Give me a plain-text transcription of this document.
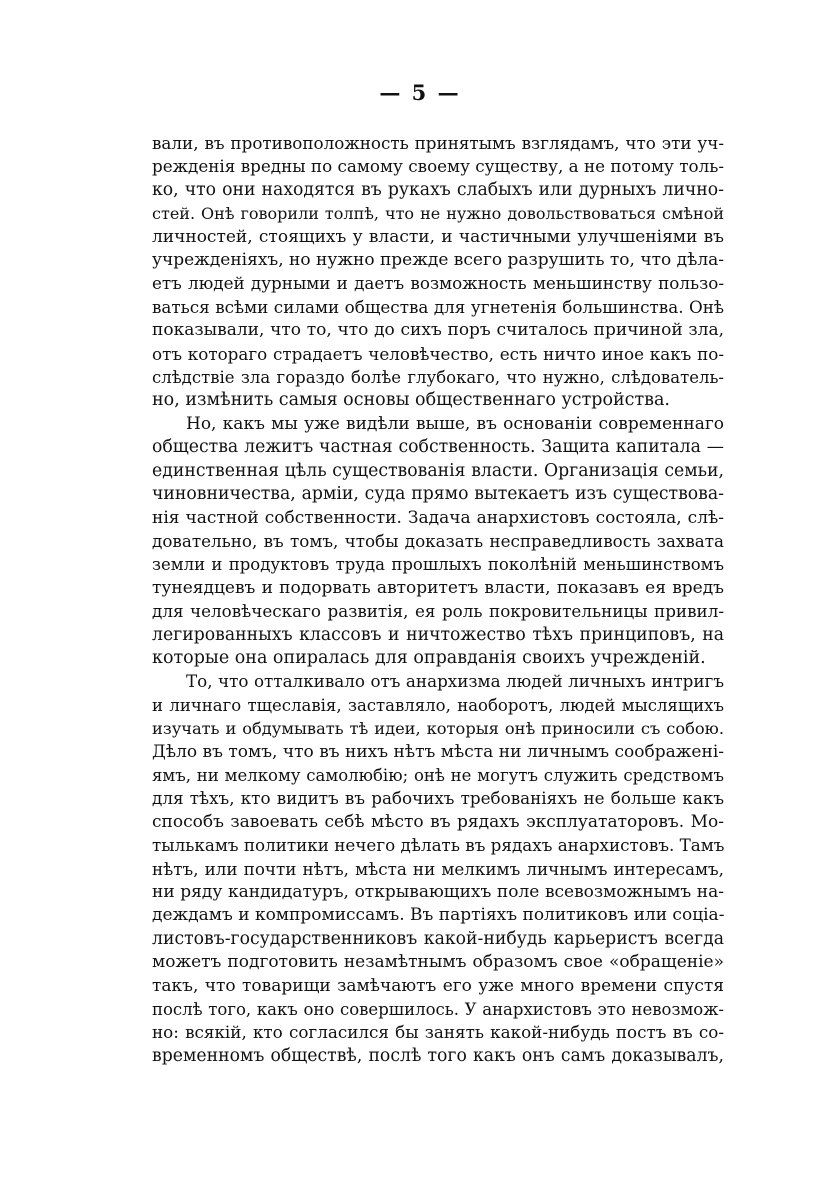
— 5 —
вали, въ противоположность принятымъ взглядамъ, что эти уч-
режденія вредны по самому своему существу, а не потому толь-
ко, что они находятся въ рукахъ слабыхъ или дурныхъ лично-
стей. Онѣ говорили толпѣ, что не нужно довольствоваться смѣной
личностей, стоящихъ у власти, и частичными улучшеніями въ
учрежденіяхъ, но нужно прежде всего разрушить то, что дѣла-
етъ людей дурными и даетъ возможность меньшинству пользо-
ваться всѣми силами общества для угнетенія большинства. Онѣ
показывали, что то, что до сихъ поръ считалось причиной зла,
отъ котораго страдаетъ человѣчество, есть ничто иное какъ по-
слѣдствіе зла гораздо болѣе глубокаго, что нужно, слѣдователь-
но, измѣнить самыя основы общественнаго устройства.
Но, какъ мы уже видѣли выше, въ основаніи современнаго
общества лежитъ частная собственность. Защита капитала —
единственная цѣль существованія власти. Организація семьи,
чиновничества, арміи, суда прямо вытекаетъ изъ существова-
нія частной собственности. Задача анархистовъ состояла, слѣ-
довательно, въ томъ, чтобы доказать несправедливость захвата
земли и продуктовъ труда прошлыхъ поколѣній меньшинствомъ
тунеядцевъ и подорвать авторитетъ власти, показавъ ея вредъ
для человѣческаго развитія, ея роль покровительницы привил-
легированныхъ классовъ и ничтожество тѣхъ принциповъ, на
которые она опиралась для оправданія своихъ учрежденій.
То, что отталкивало отъ анархизма людей личныхъ интригъ
и личнаго тщеславія, заставляло, наоборотъ, людей мыслящихъ
изучать и обдумывать тѣ идеи, которыя онѣ приносили съ собою.
Дѣло въ томъ, что въ нихъ нѣтъ мѣста ни личнымъ соображені-
ямъ, ни мелкому самолюбію; онѣ не могутъ служить средствомъ
для тѣхъ, кто видитъ въ рабочихъ требованіяхъ не больше какъ
способъ завоевать себѣ мѣсто въ рядахъ эксплуататоровъ. Мо-
тылькамъ политики нечего дѣлать въ рядахъ анархистовъ. Тамъ
нѣтъ, или почти нѣтъ, мѣста ни мелкимъ личнымъ интересамъ,
ни ряду кандидатуръ, открывающихъ поле всевозможнымъ на-
деждамъ и компромиссамъ. Въ партіяхъ политиковъ или соціа-
листовъ-государственниковъ какой-нибудь карьеристъ всегда
можетъ подготовить незамѣтнымъ образомъ свое «обращеніе»
такъ, что товарищи замѣчаютъ его уже много времени спустя
послѣ того, какъ оно совершилось. У анархистовъ это невозмож-
но: всякій, кто согласился бы занять какой-нибудь постъ въ со-
временномъ обществѣ, послѣ того какъ онъ самъ доказывалъ,
